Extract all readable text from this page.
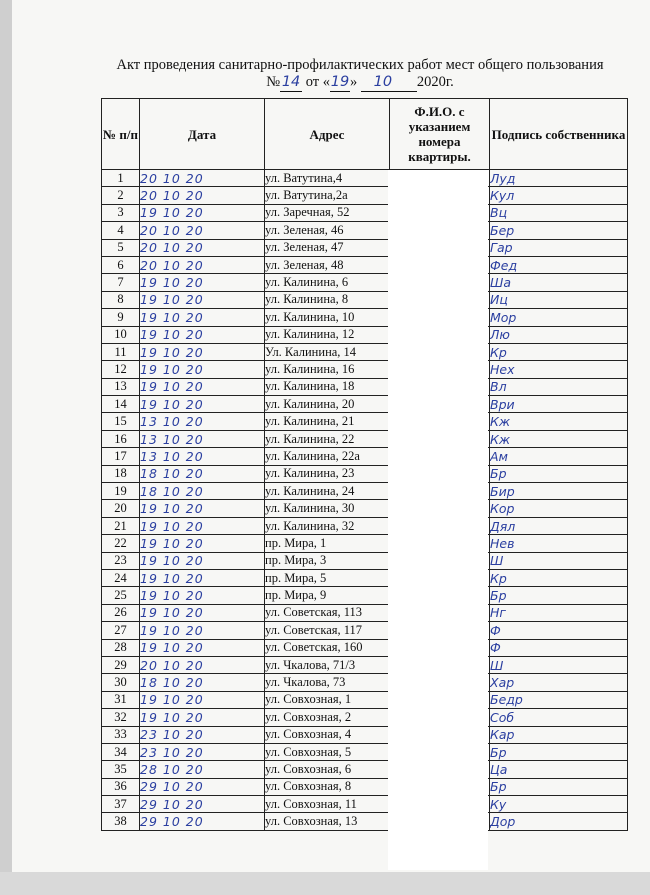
Акт проведения санитарно-профилактических работ мест общего пользования
№ 14 от «19» 10 2020г.
№ п/п	Дата	Адрес	Ф.И.О. с указанием номера квартиры.	Подпись собственника
1	20 10 20	ул. Ватутина,4		Луд
2	20 10 20	ул. Ватутина,2а		Кул
3	19 10 20	ул. Заречная, 52		Вц
4	20 10 20	ул. Зеленая, 46		Бер
5	20 10 20	ул. Зеленая, 47		Гар
6	20 10 20	ул. Зеленая, 48		Фед
7	19 10 20	ул. Калинина, 6		Ша
8	19 10 20	ул. Калинина, 8		Иц
9	19 10 20	ул. Калинина, 10		Мор
10	19 10 20	ул. Калинина, 12		Лю
11	19 10 20	Ул. Калинина, 14		Кр
12	19 10 20	ул. Калинина, 16		Нех
13	19 10 20	ул. Калинина, 18		Вл
14	19 10 20	ул. Калинина, 20		Ври
15	13 10 20	ул. Калинина, 21		Кж
16	13 10 20	ул. Калинина, 22		Кж
17	13 10 20	ул. Калинина, 22а		Ам
18	18 10 20	ул. Калинина, 23		Бр
19	18 10 20	ул. Калинина, 24		Бир
20	19 10 20	ул. Калинина, 30		Кор
21	19 10 20	ул. Калинина, 32		Дял
22	19 10 20	пр. Мира, 1		Нев
23	19 10 20	пр. Мира, 3		Ш
24	19 10 20	пр. Мира, 5		Кр
25	19 10 20	пр. Мира, 9		Бр
26	19 10 20	ул. Советская, 113		Нг
27	19 10 20	ул. Советская, 117		Ф
28	19 10 20	ул. Советская, 160		Ф
29	20 10 20	ул. Чкалова, 71/3		Ш
30	18 10 20	ул. Чкалова, 73		Хар
31	19 10 20	ул. Совхозная, 1		Бедр
32	19 10 20	ул. Совхозная, 2		Соб
33	23 10 20	ул. Совхозная, 4		Кар
34	23 10 20	ул. Совхозная, 5		Бр
35	28 10 20	ул. Совхозная, 6		Ца
36	29 10 20	ул. Совхозная, 8		Бр
37	29 10 20	ул. Совхозная, 11		Ку
38	29 10 20	ул. Совхозная, 13		Дор
